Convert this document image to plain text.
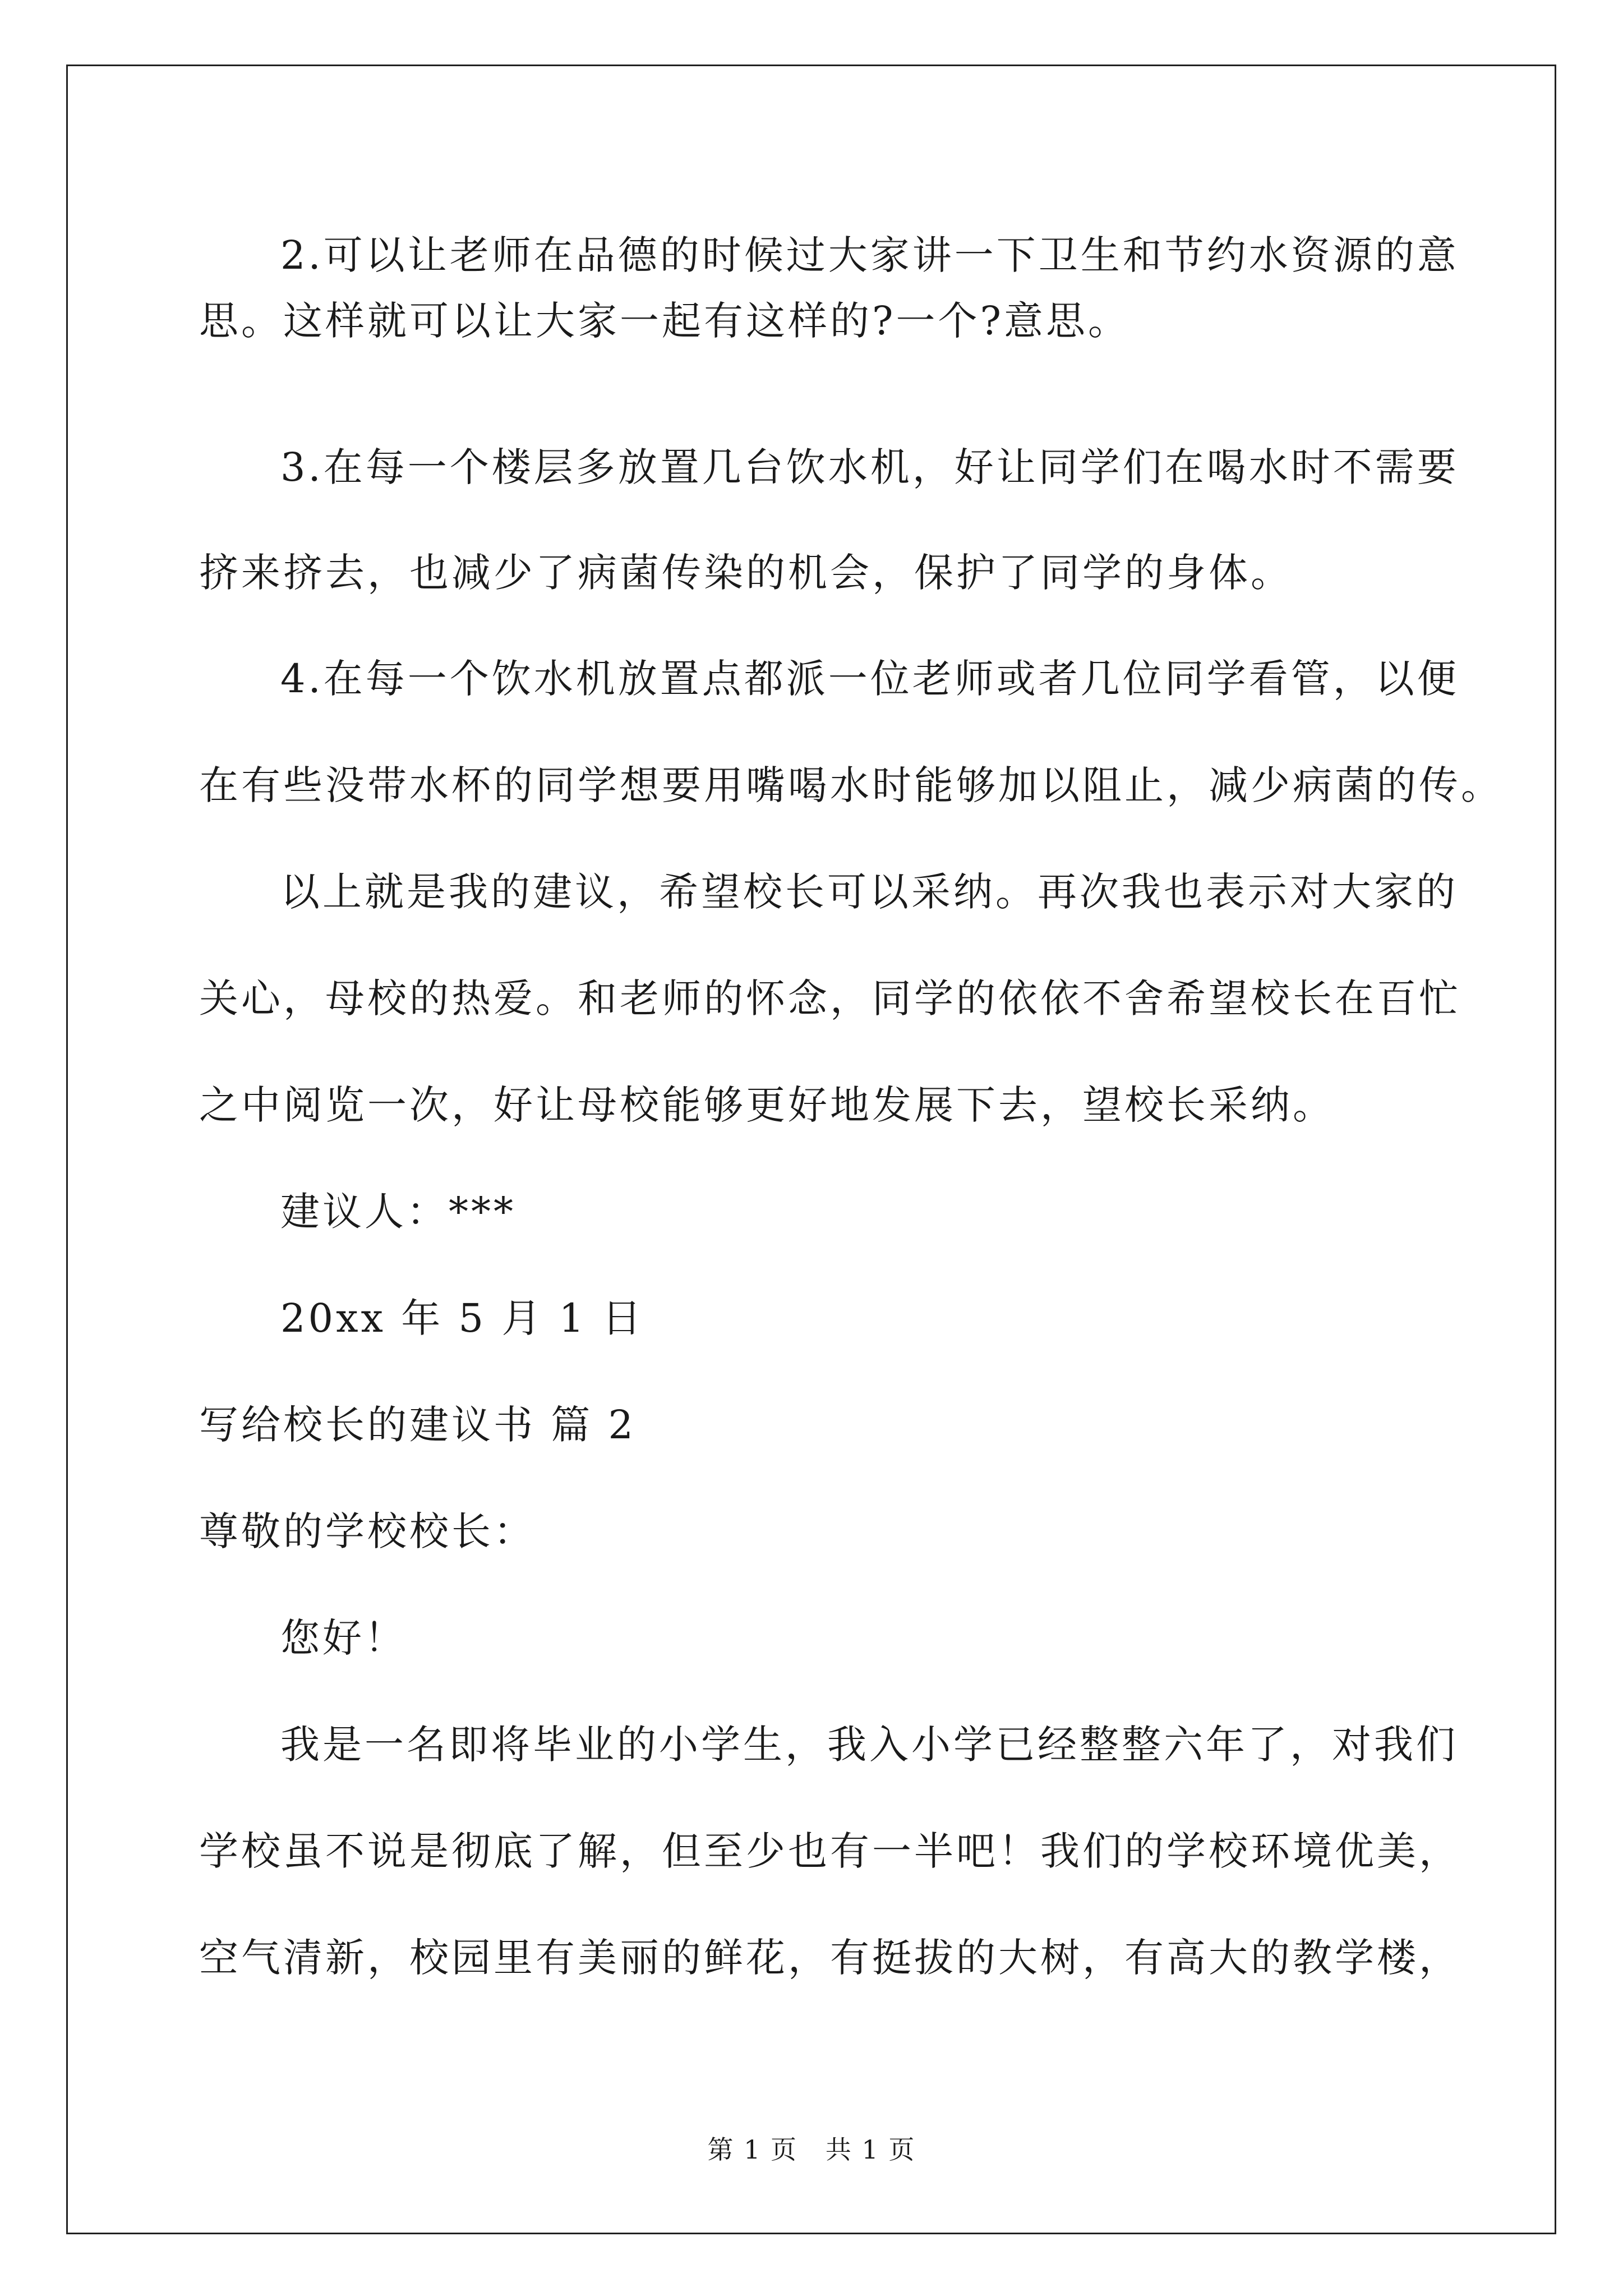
2.可以让老师在品德的时候过大家讲一下卫生和节约水资源的意

思。这样就可以让大家一起有这样的?一个?意思。

3.在每一个楼层多放置几台饮水机，好让同学们在喝水时不需要

挤来挤去，也减少了病菌传染的机会，保护了同学的身体。

4.在每一个饮水机放置点都派一位老师或者几位同学看管，以便

在有些没带水杯的同学想要用嘴喝水时能够加以阻止，减少病菌的传。

以上就是我的建议，希望校长可以采纳。再次我也表示对大家的

关心，母校的热爱。和老师的怀念，同学的依依不舍希望校长在百忙

之中阅览一次，好让母校能够更好地发展下去，望校长采纳。

建议人：***

20xx 年 5 月 1 日

写给校长的建议书 篇 2

尊敬的学校校长：

您好！

我是一名即将毕业的小学生，我入小学已经整整六年了，对我们

学校虽不说是彻底了解，但至少也有一半吧！我们的学校环境优美，

空气清新，校园里有美丽的鲜花，有挺拔的大树，有高大的教学楼，

第 1 页   共 1 页
